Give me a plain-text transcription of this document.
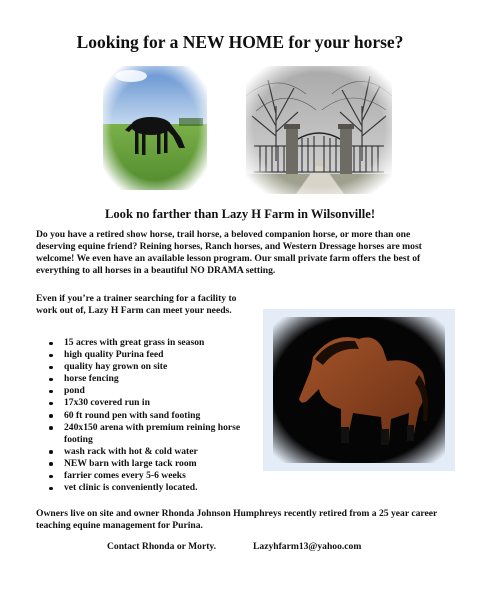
Looking for a NEW HOME for your horse?
Look no farther than Lazy H Farm in Wilsonville!

Do you have a retired show horse, trail horse, a beloved companion horse, or more than one deserving equine friend? Reining horses, Ranch horses, and Western Dressage horses are most welcome! We even have an available lesson program. Our small private farm offers the best of everything to all horses in a beautiful NO DRAMA setting.

Even if you’re a trainer searching for a facility to work out of, Lazy H Farm can meet your needs.

15 acres with great grass in season
high quality Purina feed
quality hay grown on site
horse fencing
pond
17x30 covered run in
60 ft round pen with sand footing
240x150 arena with premium reining horse footing
wash rack with hot & cold water
NEW barn with large tack room
farrier comes every 5-6 weeks
vet clinic is conveniently located.

Owners live on site and owner Rhonda Johnson Humphreys recently retired from a 25 year career teaching equine management for Purina.

Contact Rhonda or Morty.	Lazyhfarm13@yahoo.com
